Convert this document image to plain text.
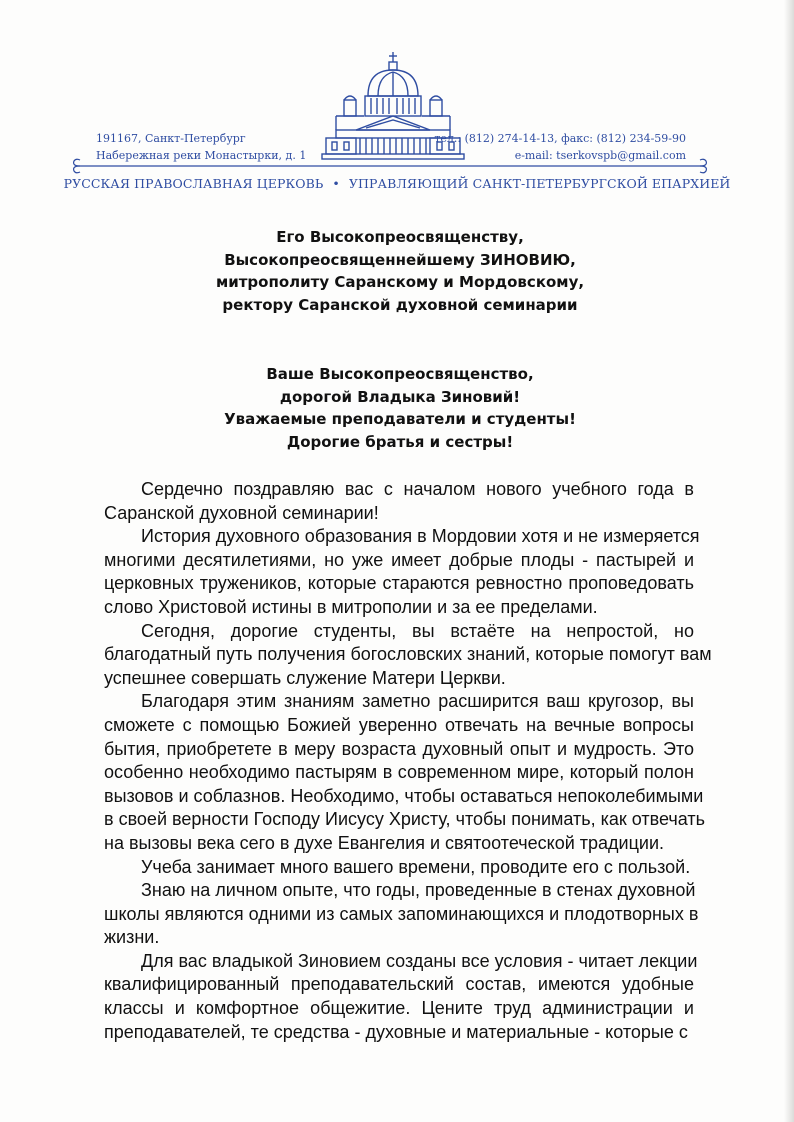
191167, Санкт-Петербург
Набережная реки Монастырки, д. 1
тел.: (812) 274-14-13, факс: (812) 234-59-90
e-mail: tserkovspb@gmail.com
РУССКАЯ ПРАВОСЛАВНАЯ ЦЕРКОВЬ • УПРАВЛЯЮЩИЙ САНКТ-ПЕТЕРБУРГСКОЙ ЕПАРХИЕЙ
Его Высокопреосвященству,
Высокопреосвященнейшему ЗИНОВИЮ,
митрополиту Саранскому и Мордовскому,
ректору Саранской духовной семинарии
Ваше Высокопреосвященство,
дорогой Владыка Зиновий!
Уважаемые преподаватели и студенты!
Дорогие братья и сестры!
Сердечно поздравляю вас с началом нового учебного года в
Саранской духовной семинарии!
История духовного образования в Мордовии хотя и не измеряется
многими десятилетиями, но уже имеет добрые плоды - пастырей и
церковных тружеников, которые стараются ревностно проповедовать
слово Христовой истины в митрополии и за ее пределами.
Сегодня, дорогие студенты, вы встаёте на непростой, но
благодатный путь получения богословских знаний, которые помогут вам
успешнее совершать служение Матери Церкви.
Благодаря этим знаниям заметно расширится ваш кругозор, вы
сможете с помощью Божией уверенно отвечать на вечные вопросы
бытия, приобретете в меру возраста духовный опыт и мудрость. Это
особенно необходимо пастырям в современном мире, который полон
вызовов и соблазнов. Необходимо, чтобы оставаться непоколебимыми
в своей верности Господу Иисусу Христу, чтобы понимать, как отвечать
на вызовы века сего в духе Евангелия и святоотеческой традиции.
Учеба занимает много вашего времени, проводите его с пользой.
Знаю на личном опыте, что годы, проведенные в стенах духовной
школы являются одними из самых запоминающихся и плодотворных в
жизни.
Для вас владыкой Зиновием созданы все условия - читает лекции
квалифицированный преподавательский состав, имеются удобные
классы и комфортное общежитие. Цените труд администрации и
преподавателей, те средства - духовные и материальные - которые с
